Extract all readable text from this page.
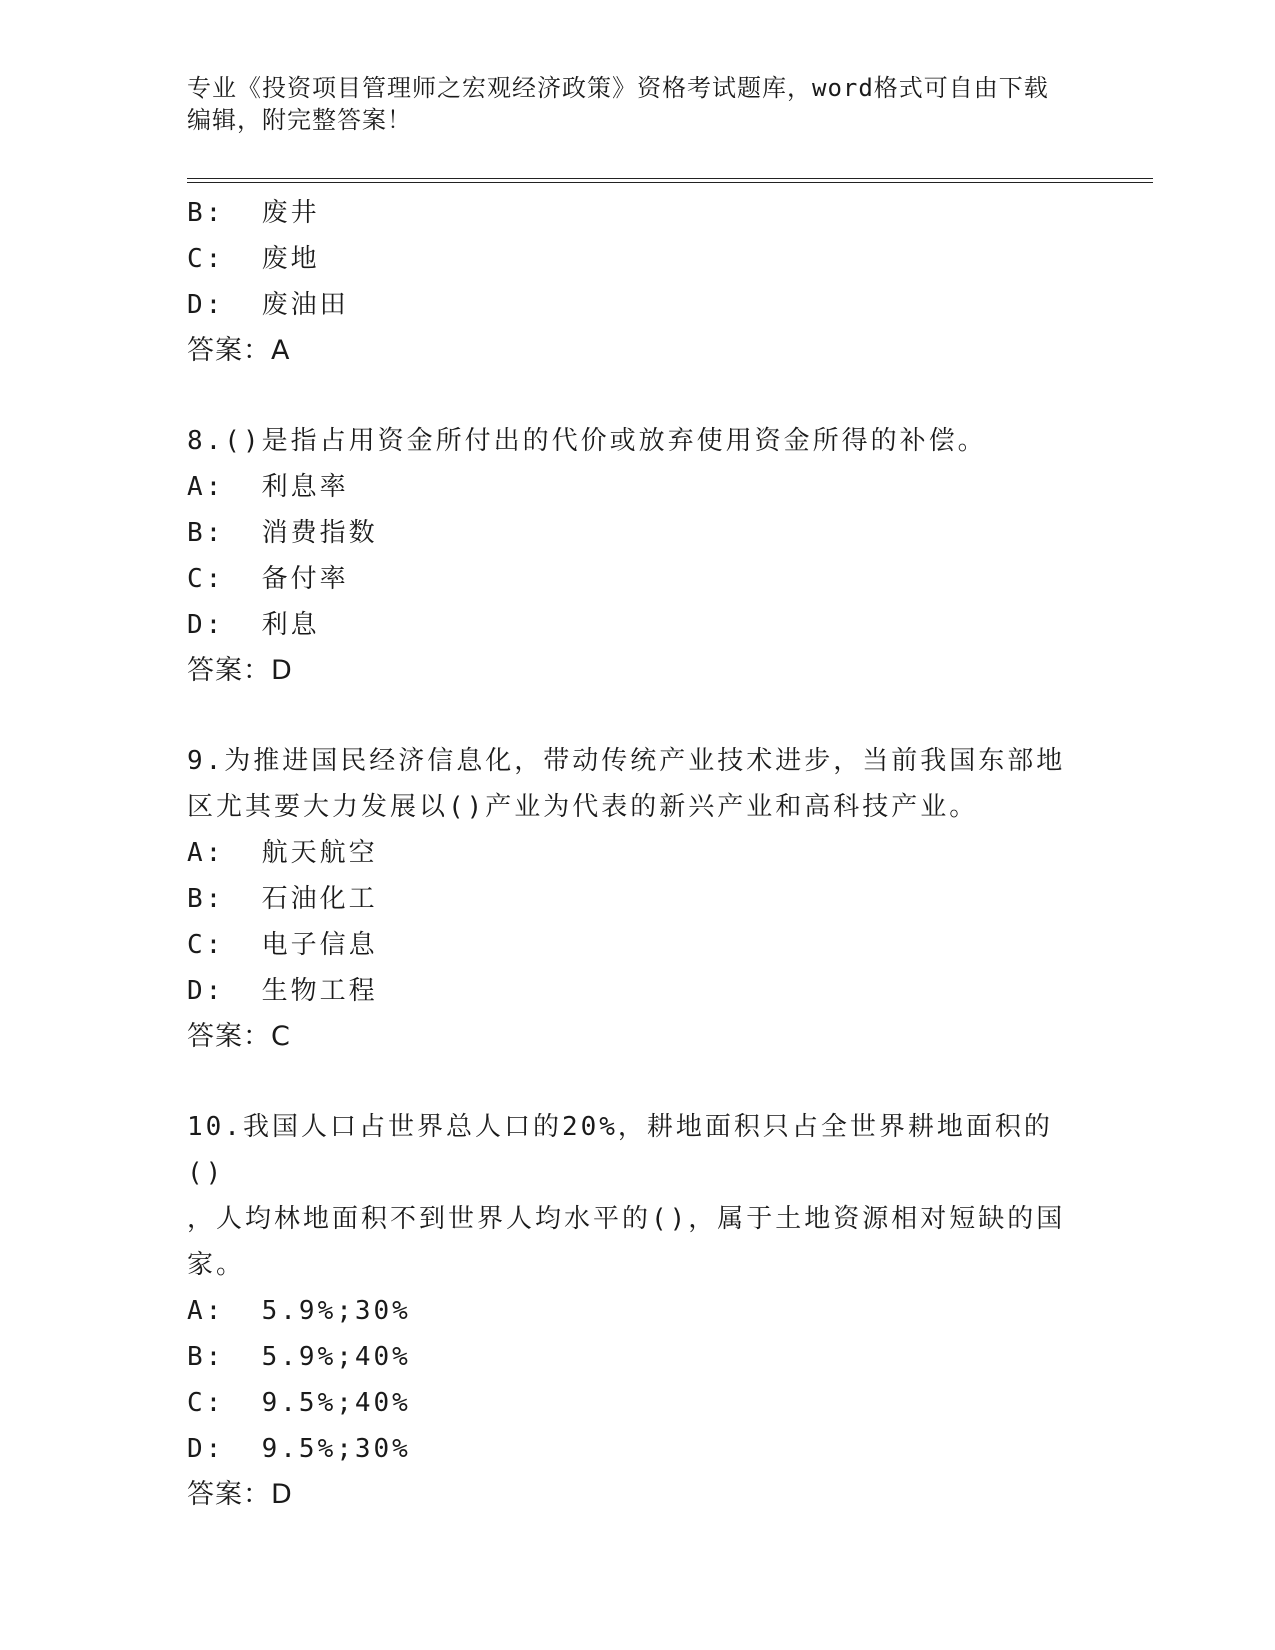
专业《投资项目管理师之宏观经济政策》资格考试题库，word格式可自由下载编辑，附完整答案！

B:  废井

C:  废地

D:  废油田

答案：A

8.()是指占用资金所付出的代价或放弃使用资金所得的补偿。

A:  利息率

B:  消费指数

C:  备付率

D:  利息

答案：D

9.为推进国民经济信息化，带动传统产业技术进步，当前我国东部地

区尤其要大力发展以()产业为代表的新兴产业和高科技产业。

A:  航天航空

B:  石油化工

C:  电子信息

D:  生物工程

答案：C

10.我国人口占世界总人口的20%，耕地面积只占全世界耕地面积的()

，人均林地面积不到世界人均水平的()，属于土地资源相对短缺的国

家。

A:  5.9%;30%

B:  5.9%;40%

C:  9.5%;40%

D:  9.5%;30%

答案：D
